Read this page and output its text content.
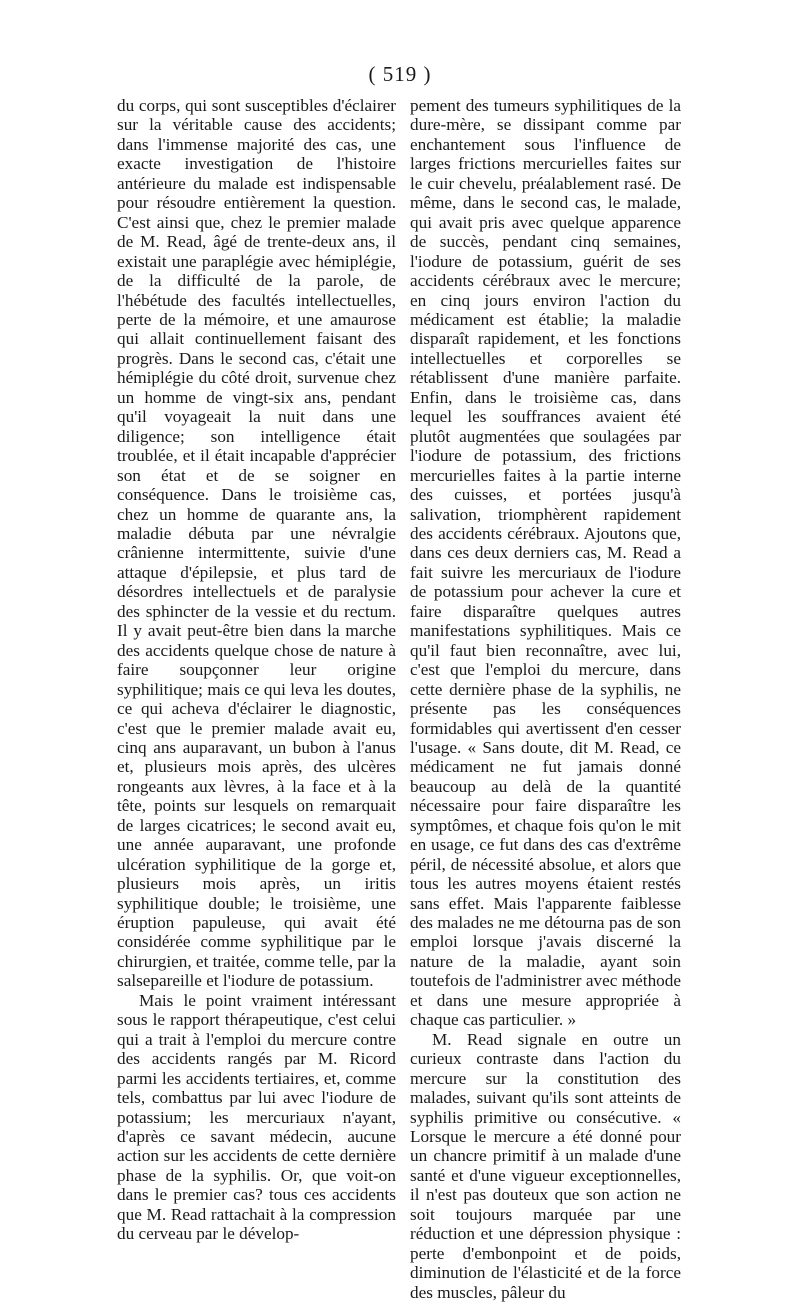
( 519 )

du corps, qui sont susceptibles d'éclairer sur la véritable cause des accidents; dans l'immense majorité des cas, une exacte investigation de l'histoire antérieure du malade est indispensable pour résoudre entièrement la question. C'est ainsi que, chez le premier malade de M. Read, âgé de trente-deux ans, il existait une paraplégie avec hémiplégie, de la difficulté de la parole, de l'hébétude des facultés intellectuelles, perte de la mémoire, et une amaurose qui allait continuellement faisant des progrès. Dans le second cas, c'était une hémiplégie du côté droit, survenue chez un homme de vingt-six ans, pendant qu'il voyageait la nuit dans une diligence; son intelligence était troublée, et il était incapable d'apprécier son état et de se soigner en conséquence. Dans le troisième cas, chez un homme de quarante ans, la maladie débuta par une névralgie crânienne intermittente, suivie d'une attaque d'épilepsie, et plus tard de désordres intellectuels et de paralysie des sphincter de la vessie et du rectum. Il y avait peut-être bien dans la marche des accidents quelque chose de nature à faire soupçonner leur origine syphilitique; mais ce qui leva les doutes, ce qui acheva d'éclairer le diagnostic, c'est que le premier malade avait eu, cinq ans auparavant, un bubon à l'anus et, plusieurs mois après, des ulcères rongeants aux lèvres, à la face et à la tête, points sur lesquels on remarquait de larges cicatrices; le second avait eu, une année auparavant, une profonde ulcération syphilitique de la gorge et, plusieurs mois après, un iritis syphilitique double; le troisième, une éruption papuleuse, qui avait été considérée comme syphilitique par le chirurgien, et traitée, comme telle, par la salsepareille et l'iodure de potassium.

Mais le point vraiment intéressant sous le rapport thérapeutique, c'est celui qui a trait à l'emploi du mercure contre des accidents rangés par M. Ricord parmi les accidents tertiaires, et, comme tels, combattus par lui avec l'iodure de potassium; les mercuriaux n'ayant, d'après ce savant médecin, aucune action sur les accidents de cette dernière phase de la syphilis. Or, que voit-on dans le premier cas? tous ces accidents que M. Read rattachait à la compression du cerveau par le dévelop-

pement des tumeurs syphilitiques de la dure-mère, se dissipant comme par enchantement sous l'influence de larges frictions mercurielles faites sur le cuir chevelu, préalablement rasé. De même, dans le second cas, le malade, qui avait pris avec quelque apparence de succès, pendant cinq semaines, l'iodure de potassium, guérit de ses accidents cérébraux avec le mercure; en cinq jours environ l'action du médicament est établie; la maladie disparaît rapidement, et les fonctions intellectuelles et corporelles se rétablissent d'une manière parfaite. Enfin, dans le troisième cas, dans lequel les souffrances avaient été plutôt augmentées que soulagées par l'iodure de potassium, des frictions mercurielles faites à la partie interne des cuisses, et portées jusqu'à salivation, triomphèrent rapidement des accidents cérébraux. Ajoutons que, dans ces deux derniers cas, M. Read a fait suivre les mercuriaux de l'iodure de potassium pour achever la cure et faire disparaître quelques autres manifestations syphilitiques. Mais ce qu'il faut bien reconnaître, avec lui, c'est que l'emploi du mercure, dans cette dernière phase de la syphilis, ne présente pas les conséquences formidables qui avertissent d'en cesser l'usage. « Sans doute, dit M. Read, ce médicament ne fut jamais donné beaucoup au delà de la quantité nécessaire pour faire disparaître les symptômes, et chaque fois qu'on le mit en usage, ce fut dans des cas d'extrême péril, de nécessité absolue, et alors que tous les autres moyens étaient restés sans effet. Mais l'apparente faiblesse des malades ne me détourna pas de son emploi lorsque j'avais discerné la nature de la maladie, ayant soin toutefois de l'administrer avec méthode et dans une mesure appropriée à chaque cas particulier. »

M. Read signale en outre un curieux contraste dans l'action du mercure sur la constitution des malades, suivant qu'ils sont atteints de syphilis primitive ou consécutive. « Lorsque le mercure a été donné pour un chancre primitif à un malade d'une santé et d'une vigueur exceptionnelles, il n'est pas douteux que son action ne soit toujours marquée par une réduction et une dépression physique : perte d'embonpoint et de poids, diminution de l'élasticité et de la force des muscles, pâleur du
